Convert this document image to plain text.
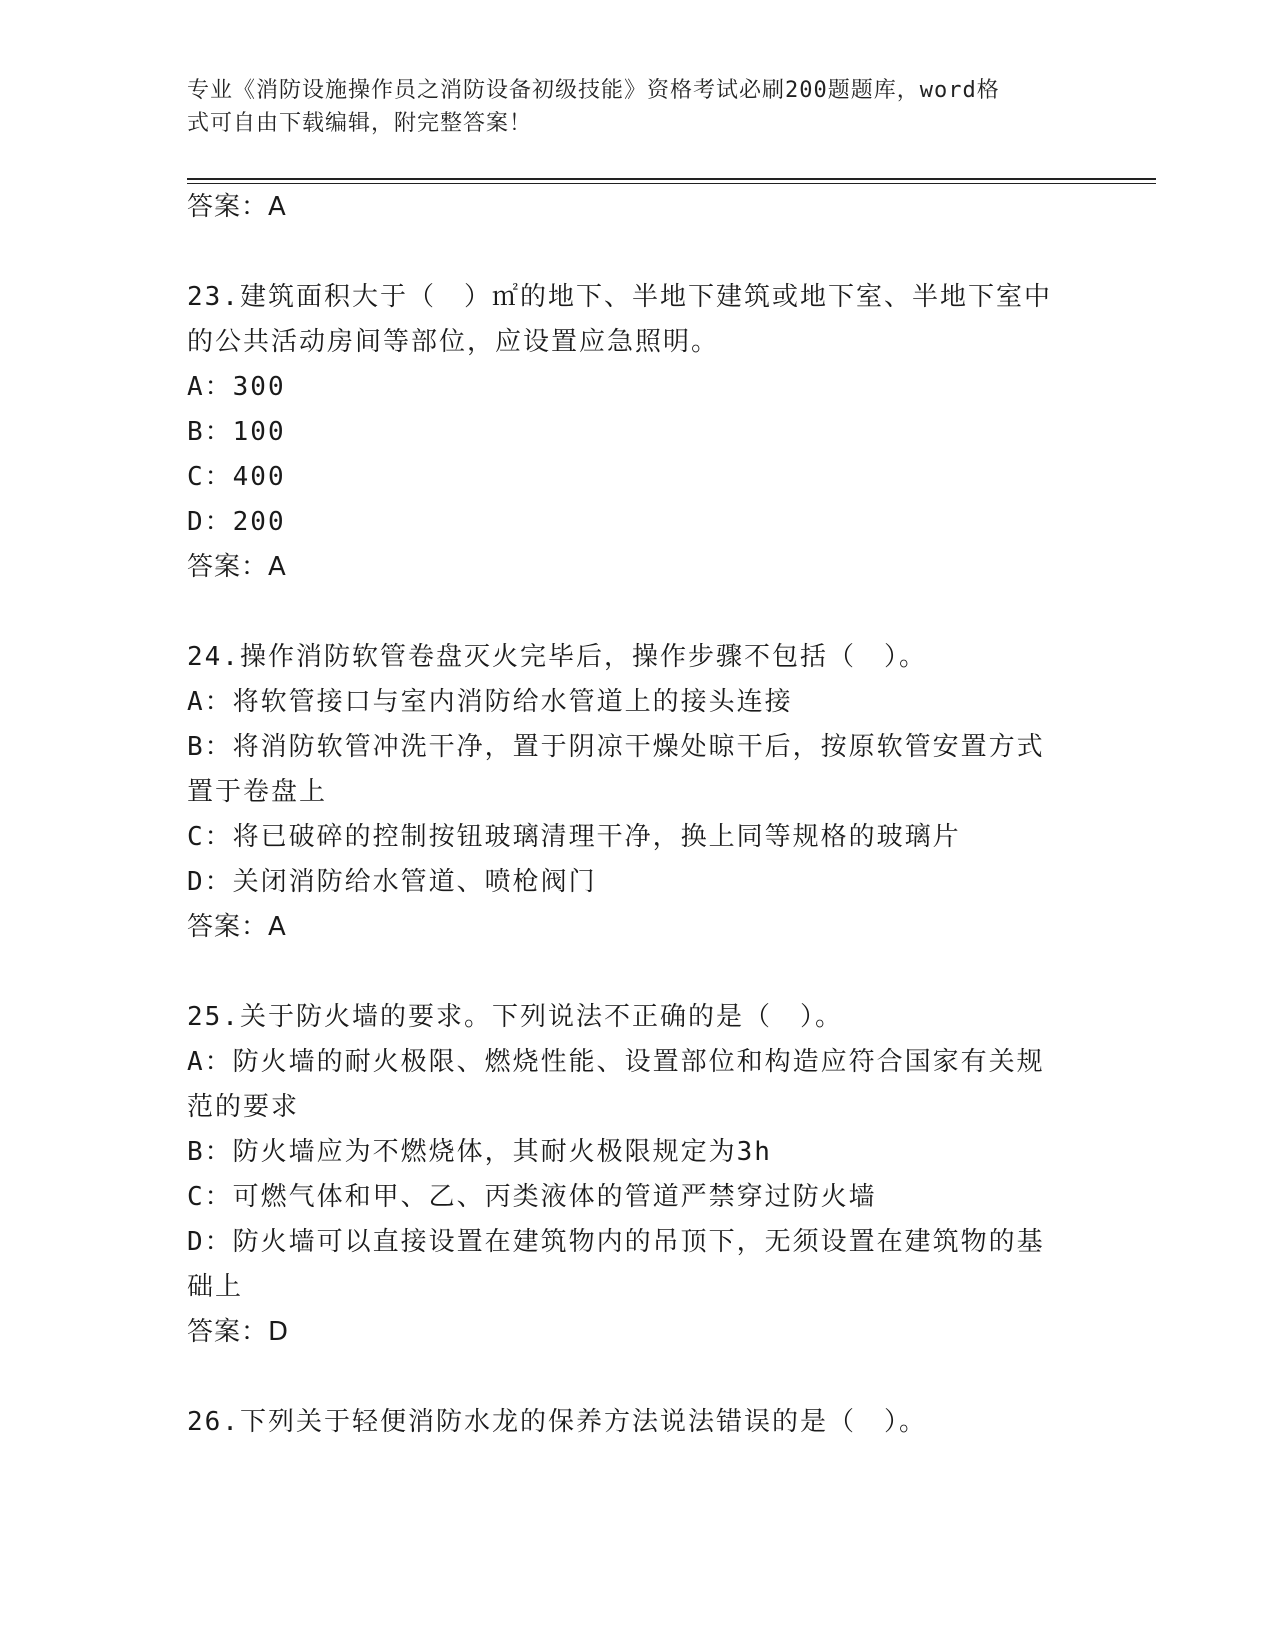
专业《消防设施操作员之消防设备初级技能》资格考试必刷200题题库，word格
式可自由下载编辑，附完整答案！
答案：A
23.建筑面积大于（　）㎡的地下、半地下建筑或地下室、半地下室中
的公共活动房间等部位，应设置应急照明。
A：300
B：100
C：400
D：200
答案：A
24.操作消防软管卷盘灭火完毕后，操作步骤不包括（　）。
A：将软管接口与室内消防给水管道上的接头连接
B：将消防软管冲洗干净，置于阴凉干燥处晾干后，按原软管安置方式
置于卷盘上
C：将已破碎的控制按钮玻璃清理干净，换上同等规格的玻璃片
D：关闭消防给水管道、喷枪阀门
答案：A
25.关于防火墙的要求。下列说法不正确的是（　）。
A：防火墙的耐火极限、燃烧性能、设置部位和构造应符合国家有关规
范的要求
B：防火墙应为不燃烧体，其耐火极限规定为3h
C：可燃气体和甲、乙、丙类液体的管道严禁穿过防火墙
D：防火墙可以直接设置在建筑物内的吊顶下，无须设置在建筑物的基
础上
答案：D
26.下列关于轻便消防水龙的保养方法说法错误的是（　）。
